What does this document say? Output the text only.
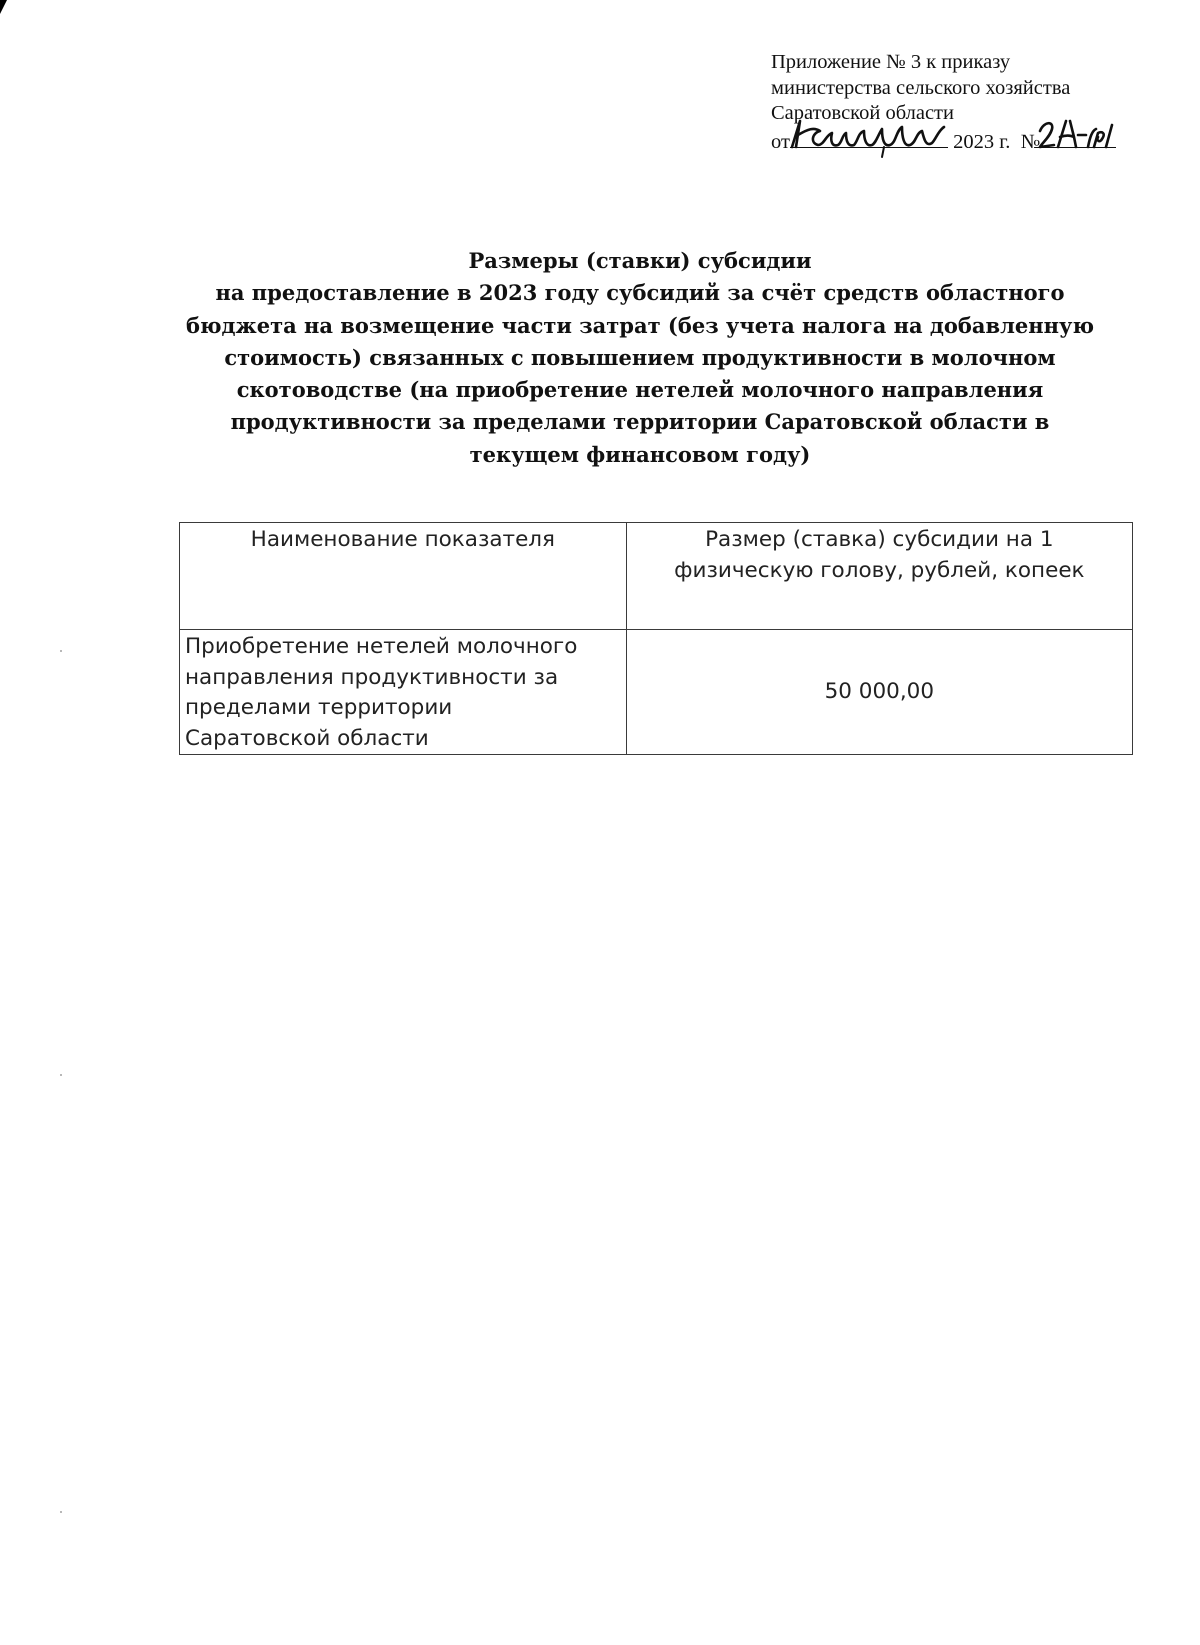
Приложение № 3 к приказу
министерства сельского хозяйства
Саратовской области
от	2023 г. №
Размеры (ставки) субсидии
на предоставление в 2023 году субсидий за счёт средств областного
бюджета на возмещение части затрат (без учета налога на добавленную
стоимость) связанных с повышением продуктивности в молочном
скотоводстве (на приобретение нетелей молочного направления
продуктивности за пределами территории Саратовской области в
текущем финансовом году)
Наименование показателя	Размер (ставка) субсидии на 1
физическую голову, рублей, копеек

Приобретение нетелей молочного
направления продуктивности за
пределами территории
Саратовской области	50 000,00
